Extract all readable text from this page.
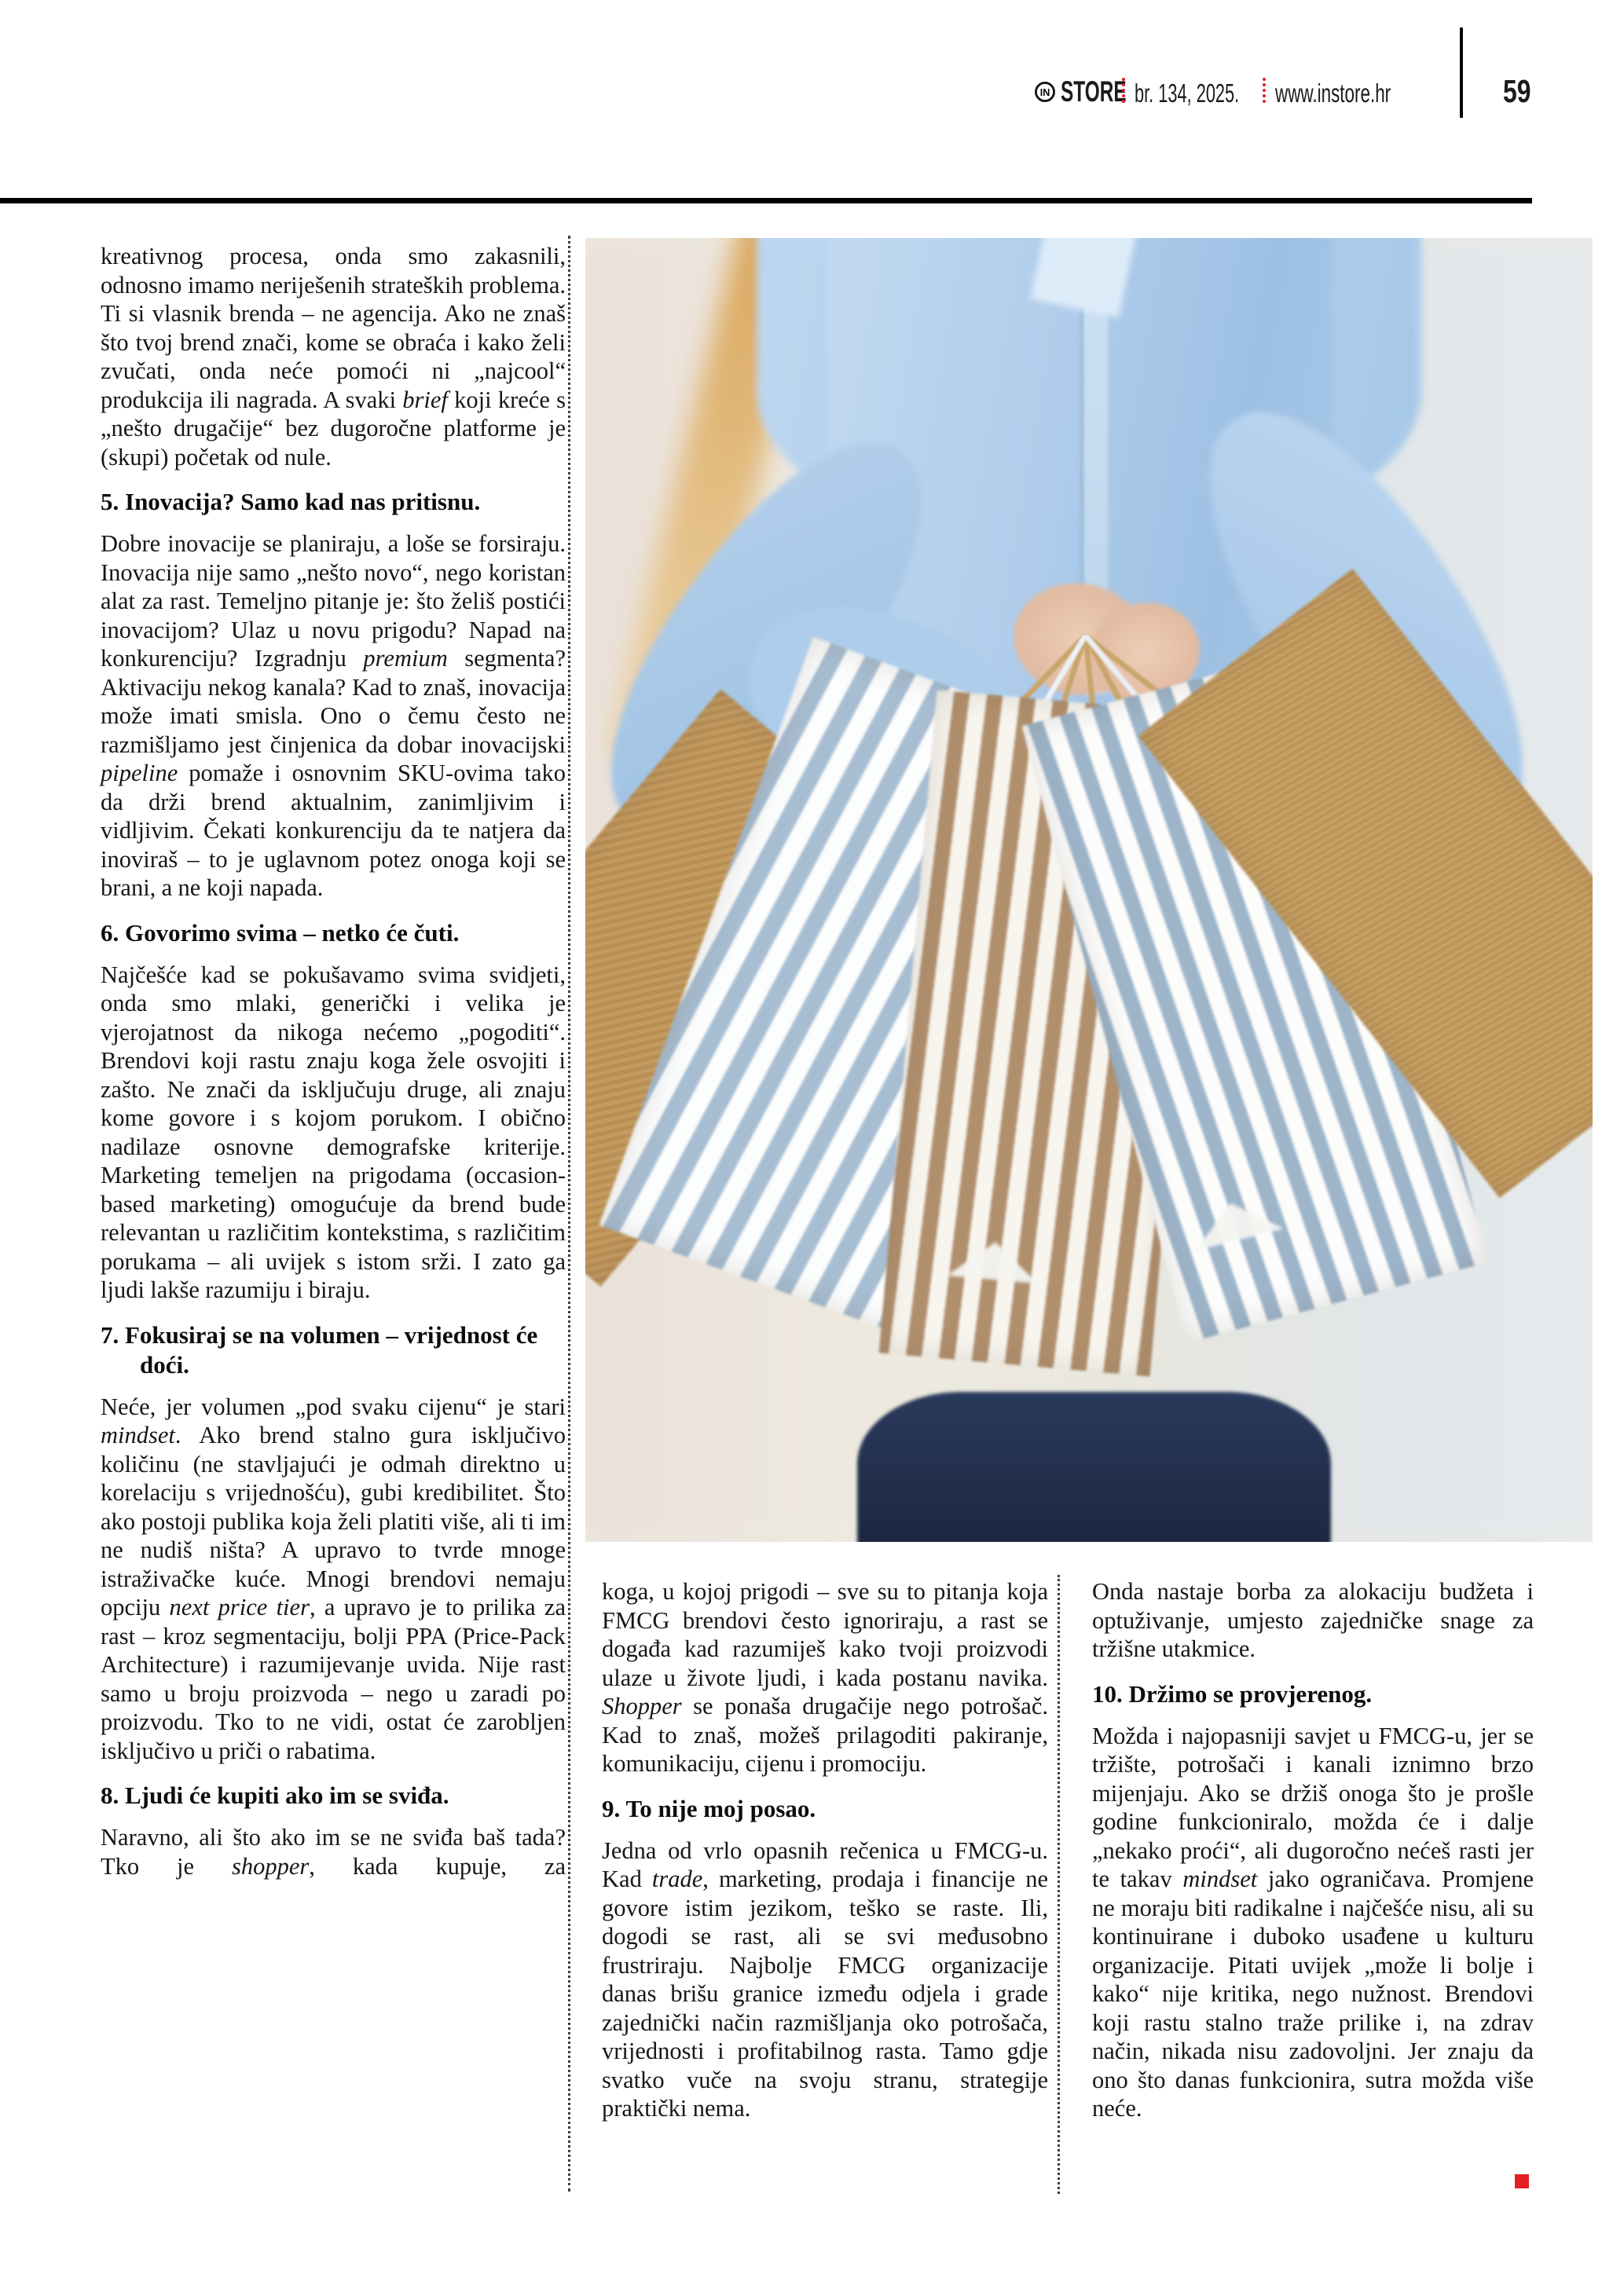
IN STORE br. 134, 2025. www.instore.hr	59

kreativnog procesa, onda smo zakasnili, odnosno imamo neriješenih strateških problema. Ti si vlasnik brenda – ne agencija. Ako ne znaš što tvoj brend znači, kome se obraća i kako želi zvučati, onda neće pomoći ni „najcool“ produkcija ili nagrada. A svaki brief koji kreće s „nešto drugačije“ bez dugoročne platforme je (skupi) početak od nule.

5. Inovacija? Samo kad nas pritisnu.

Dobre inovacije se planiraju, a loše se forsiraju. Inovacija nije samo „nešto novo“, nego koristan alat za rast. Temeljno pitanje je: što želiš postići inovacijom? Ulaz u novu prigodu? Napad na konkurenciju? Izgradnju premium segmenta? Aktivaciju nekog kanala? Kad to znaš, inovacija može imati smisla. Ono o čemu često ne razmišljamo jest činjenica da dobar inovacijski pipeline pomaže i osnovnim SKU-ovima tako da drži brend aktualnim, zanimljivim i vidljivim. Čekati konkurenciju da te natjera da inoviraš – to je uglavnom potez onoga koji se brani, a ne koji napada.

6. Govorimo svima – netko će čuti.

Najčešće kad se pokušavamo svima svidjeti, onda smo mlaki, generički i velika je vjerojatnost da nikoga nećemo „pogoditi“. Brendovi koji rastu znaju koga žele osvojiti i zašto. Ne znači da isključuju druge, ali znaju kome govore i s kojom porukom. I obično nadilaze osnovne demografske kriterije. Marketing temeljen na prigodama (occasion-based marketing) omogućuje da brend bude relevantan u različitim kontekstima, s različitim porukama – ali uvijek s istom srži. I zato ga ljudi lakše razumiju i biraju.

7. Fokusiraj se na volumen – vrijednost će doći.

Neće, jer volumen „pod svaku cijenu“ je stari mindset. Ako brend stalno gura isključivo količinu (ne stavljajući je odmah direktno u korelaciju s vrijednošću), gubi kredibilitet. Što ako postoji publika koja želi platiti više, ali ti im ne nudiš ništa? A upravo to tvrde mnoge istraživačke kuće. Mnogi brendovi nemaju opciju next price tier, a upravo je to prilika za rast – kroz segmentaciju, bolji PPA (Price-Pack Architecture) i razumijevanje uvida. Nije rast samo u broju proizvoda – nego u zaradi po proizvodu. Tko to ne vidi, ostat će zarobljen isključivo u priči o rabatima.

8. Ljudi će kupiti ako im se sviđa.

Naravno, ali što ako im se ne sviđa baš tada? Tko je shopper, kada kupuje, za

koga, u kojoj prigodi – sve su to pitanja koja FMCG brendovi često ignoriraju, a rast se događa kad razumiješ kako tvoji proizvodi ulaze u živote ljudi, i kada postanu navika. Shopper se ponaša drugačije nego potrošač. Kad to znaš, možeš prilagoditi pakiranje, komunikaciju, cijenu i promociju.

9. To nije moj posao.

Jedna od vrlo opasnih rečenica u FMCG-u. Kad trade, marketing, prodaja i financije ne govore istim jezikom, teško se raste. Ili, dogodi se rast, ali se svi međusobno frustriraju. Najbolje FMCG organizacije danas brišu granice između odjela i grade zajednički način razmišljanja oko potrošača, vrijednosti i profitabilnog rasta. Tamo gdje svatko vuče na svoju stranu, strategije praktički nema.

Onda nastaje borba za alokaciju budžeta i optuživanje, umjesto zajedničke snage za tržišne utakmice.

10. Držimo se provjerenog.

Možda i najopasniji savjet u FMCG-u, jer se tržište, potrošači i kanali iznimno brzo mijenjaju. Ako se držiš onoga što je prošle godine funkcioniralo, možda će i dalje „nekako proći“, ali dugoročno nećeš rasti jer te takav mindset jako ograničava. Promjene ne moraju biti radikalne i najčešće nisu, ali su kontinuirane i duboko usađene u kulturu organizacije. Pitati uvijek „može li bolje i kako“ nije kritika, nego nužnost. Brendovi koji rastu stalno traže prilike i, na zdrav način, nikada nisu zadovoljni. Jer znaju da ono što danas funkcionira, sutra možda više neće.
